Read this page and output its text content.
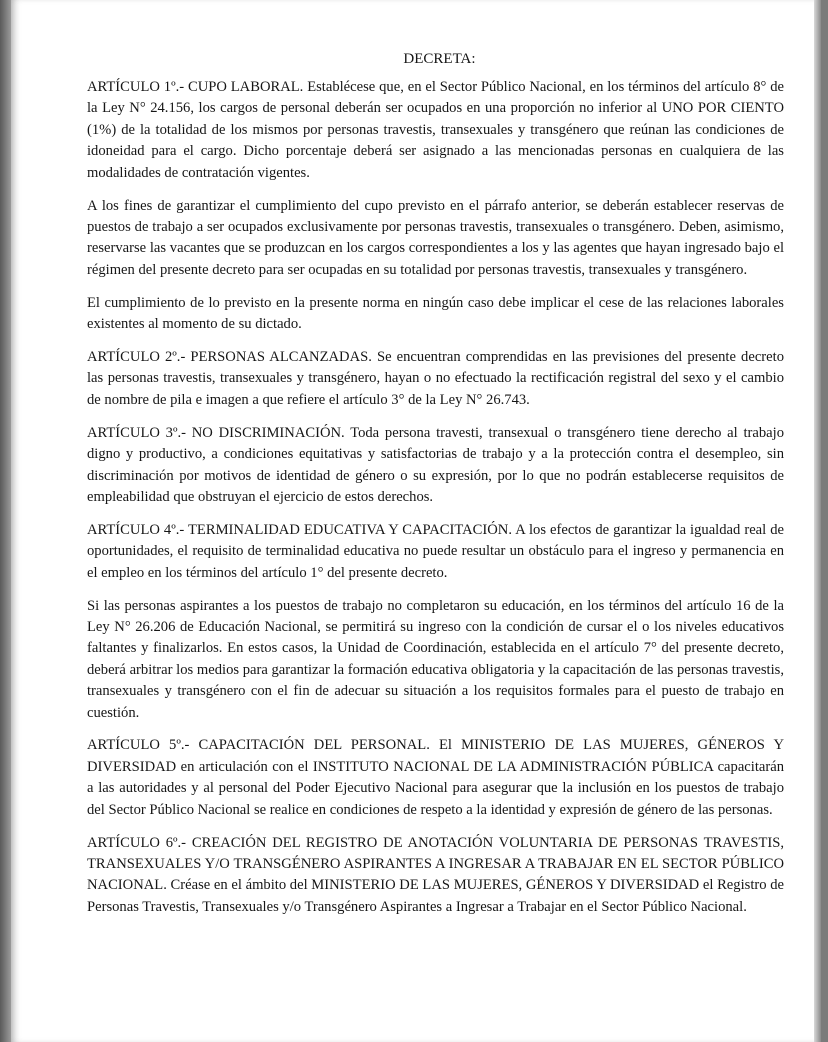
DECRETA:

ARTÍCULO 1º.- CUPO LABORAL. Establécese que, en el Sector Público Nacional, en los términos del artículo 8° de la Ley N° 24.156, los cargos de personal deberán ser ocupados en una proporción no inferior al UNO POR CIENTO (1%) de la totalidad de los mismos por personas travestis, transexuales y transgénero que reúnan las condiciones de idoneidad para el cargo. Dicho porcentaje deberá ser asignado a las mencionadas personas en cualquiera de las modalidades de contratación vigentes.

A los fines de garantizar el cumplimiento del cupo previsto en el párrafo anterior, se deberán establecer reservas de puestos de trabajo a ser ocupados exclusivamente por personas travestis, transexuales o transgénero. Deben, asimismo, reservarse las vacantes que se produzcan en los cargos correspondientes a los y las agentes que hayan ingresado bajo el régimen del presente decreto para ser ocupadas en su totalidad por personas travestis, transexuales y transgénero.

El cumplimiento de lo previsto en la presente norma en ningún caso debe implicar el cese de las relaciones laborales existentes al momento de su dictado.

ARTÍCULO 2º.- PERSONAS ALCANZADAS. Se encuentran comprendidas en las previsiones del presente decreto las personas travestis, transexuales y transgénero, hayan o no efectuado la rectificación registral del sexo y el cambio de nombre de pila e imagen a que refiere el artículo 3° de la Ley N° 26.743.

ARTÍCULO 3º.- NO DISCRIMINACIÓN. Toda persona travesti, transexual o transgénero tiene derecho al trabajo digno y productivo, a condiciones equitativas y satisfactorias de trabajo y a la protección contra el desempleo, sin discriminación por motivos de identidad de género o su expresión, por lo que no podrán establecerse requisitos de empleabilidad que obstruyan el ejercicio de estos derechos.

ARTÍCULO 4º.- TERMINALIDAD EDUCATIVA Y CAPACITACIÓN. A los efectos de garantizar la igualdad real de oportunidades, el requisito de terminalidad educativa no puede resultar un obstáculo para el ingreso y permanencia en el empleo en los términos del artículo 1° del presente decreto.

Si las personas aspirantes a los puestos de trabajo no completaron su educación, en los términos del artículo 16 de la Ley N° 26.206 de Educación Nacional, se permitirá su ingreso con la condición de cursar el o los niveles educativos faltantes y finalizarlos. En estos casos, la Unidad de Coordinación, establecida en el artículo 7° del presente decreto, deberá arbitrar los medios para garantizar la formación educativa obligatoria y la capacitación de las personas travestis, transexuales y transgénero con el fin de adecuar su situación a los requisitos formales para el puesto de trabajo en cuestión.

ARTÍCULO 5º.- CAPACITACIÓN DEL PERSONAL. El MINISTERIO DE LAS MUJERES, GÉNEROS Y DIVERSIDAD en articulación con el INSTITUTO NACIONAL DE LA ADMINISTRACIÓN PÚBLICA capacitarán a las autoridades y al personal del Poder Ejecutivo Nacional para asegurar que la inclusión en los puestos de trabajo del Sector Público Nacional se realice en condiciones de respeto a la identidad y expresión de género de las personas.

ARTÍCULO 6º.- CREACIÓN DEL REGISTRO DE ANOTACIÓN VOLUNTARIA DE PERSONAS TRAVESTIS, TRANSEXUALES Y/O TRANSGÉNERO ASPIRANTES A INGRESAR A TRABAJAR EN EL SECTOR PÚBLICO NACIONAL. Créase en el ámbito del MINISTERIO DE LAS MUJERES, GÉNEROS Y DIVERSIDAD el Registro de Personas Travestis, Transexuales y/o Transgénero Aspirantes a Ingresar a Trabajar en el Sector Público Nacional.
